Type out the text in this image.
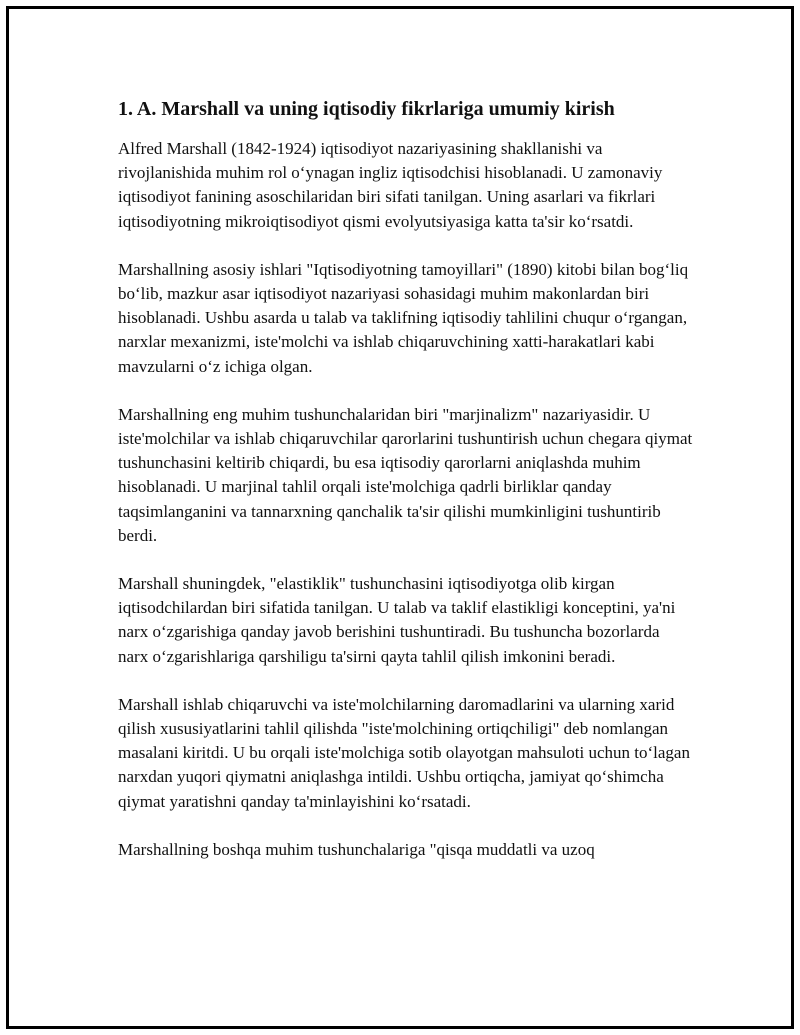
1. A. Marshall va uning iqtisodiy fikrlariga umumiy kirish

Alfred Marshall (1842-1924) iqtisodiyot nazariyasining shakllanishi va rivojlanishida muhim rol oʻynagan ingliz iqtisodchisi hisoblanadi. U zamonaviy iqtisodiyot fanining asoschilaridan biri sifati tanilgan. Uning asarlari va fikrlari iqtisodiyotning mikroiqtisodiyot qismi evolyutsiyasiga katta ta'sir koʻrsatdi.

Marshallning asosiy ishlari "Iqtisodiyotning tamoyillari" (1890) kitobi bilan bogʻliq boʻlib, mazkur asar iqtisodiyot nazariyasi sohasidagi muhim makonlardan biri hisoblanadi. Ushbu asarda u talab va taklifning iqtisodiy tahlilini chuqur oʻrgangan, narxlar mexanizmi, iste'molchi va ishlab chiqaruvchining xatti-harakatlari kabi mavzularni oʻz ichiga olgan.

Marshallning eng muhim tushunchalaridan biri "marjinalizm" nazariyasidir. U iste'molchilar va ishlab chiqaruvchilar qarorlarini tushuntirish uchun chegara qiymat tushunchasini keltirib chiqardi, bu esa iqtisodiy qarorlarni aniqlashda muhim hisoblanadi. U marjinal tahlil orqali iste'molchiga qadrli birliklar qanday taqsimlanganini va tannarxning qanchalik ta'sir qilishi mumkinligini tushuntirib berdi.

Marshall shuningdek, "elastiklik" tushunchasini iqtisodiyotga olib kirgan iqtisodchilardan biri sifatida tanilgan. U talab va taklif elastikligi konceptini, ya'ni narx oʻzgarishiga qanday javob berishini tushuntiradi. Bu tushuncha bozorlarda narx oʻzgarishlariga qarshiligu ta'sirni qayta tahlil qilish imkonini beradi.

Marshall ishlab chiqaruvchi va iste'molchilarning daromadlarini va ularning xarid qilish xususiyatlarini tahlil qilishda "iste'molchining ortiqchiligi" deb nomlangan masalani kiritdi. U bu orqali iste'molchiga sotib olayotgan mahsuloti uchun toʻlagan narxdan yuqori qiymatni aniqlashga intildi. Ushbu ortiqcha, jamiyat qoʻshimcha qiymat yaratishni qanday ta'minlayishini koʻrsatadi.

Marshallning boshqa muhim tushunchalariga "qisqa muddatli va uzoq
